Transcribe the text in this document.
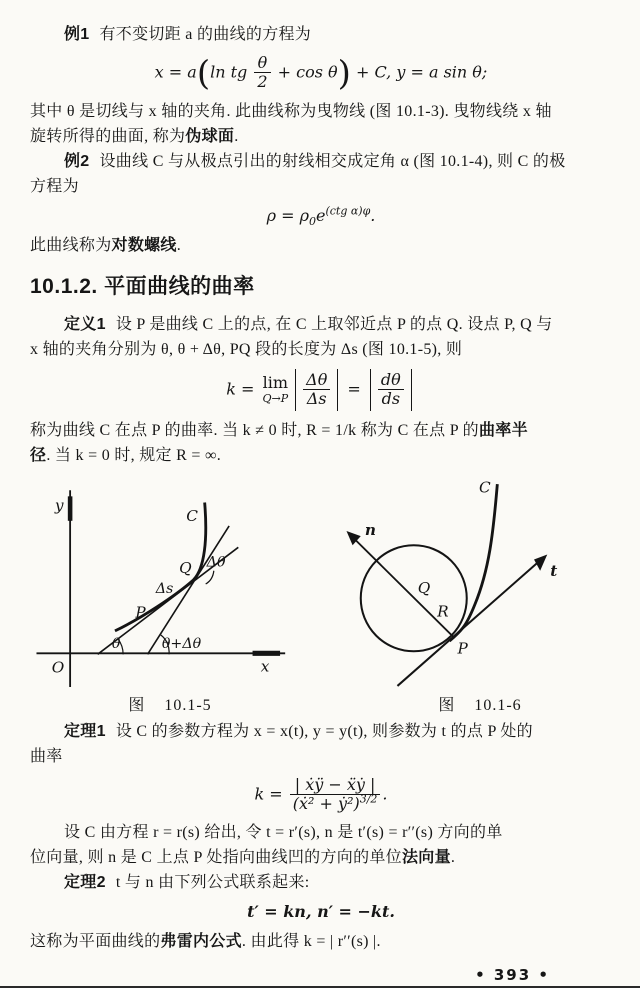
例1 有不变切距 a 的曲线的方程为
x = a(ln tg $\frac{\theta}{2} + \cos \theta) + C$, y = a sin θ;
其中 θ 是切线与 x 轴的夹角. 此曲线称为曳物线 (图 10.1-3). 曳物线绕 x 轴
旋转所得的曲面, 称为伪球面.
例2 设曲线 C 与从极点引出的射线相交成定角 α (图 10.1-4), 则 C 的极
方程为
$\rho = \rho_0e^{(ctg \alpha)\varphi}$.
此曲线称为对数螺线.
10.1.2. 平面曲线的曲率
定义1 设 P 是曲线 C 上的点, 在 C 上取邻近点 P 的点 Q. 设点 P, Q 与
x 轴的夹角分别为 θ, θ + Δθ, PQ 段的长度为 Δs (图 10.1-5), 则
k = lim
$Q\to P \frac{\Delta\theta}{\Delta s} = \frac{d\theta}{ds}$
称为曲线 C 在点 P 的曲率. 当 k ≠ 0 时, R = 1/k 称为 C 在点 P 的曲率半
径. 当 k = 0 时, 规定 R = ∞.
y
x
O
C
Q Δθ
Δs
P
θ	θ+Δθ
图 10.1-5
C
n
t
Q
R
P
图 10.1-6
定理1 设 C 的参数方程为 x = x(t), y = y(t), 则参数为 t 的点 P 处的
曲率
$k = \frac{\text{| ẋÿ − ẍẏ |}}{(ẋ^2 + ẏ^2)^{3/2}}$ .
设 C 由方程 r = r(s) 给出, 令 t = r′(s), n 是 t′(s) = r′′(s) 方向的单
位向量, 则 n 是 C 上点 P 处指向曲线凹的方向的单位法向量.
定理2 t 与 n 由下列公式联系起来:
t′ = kn, n′ = −kt.
这称为平面曲线的弗雷内公式. 由此得 k = | r′′(s) |.
• 393 •
